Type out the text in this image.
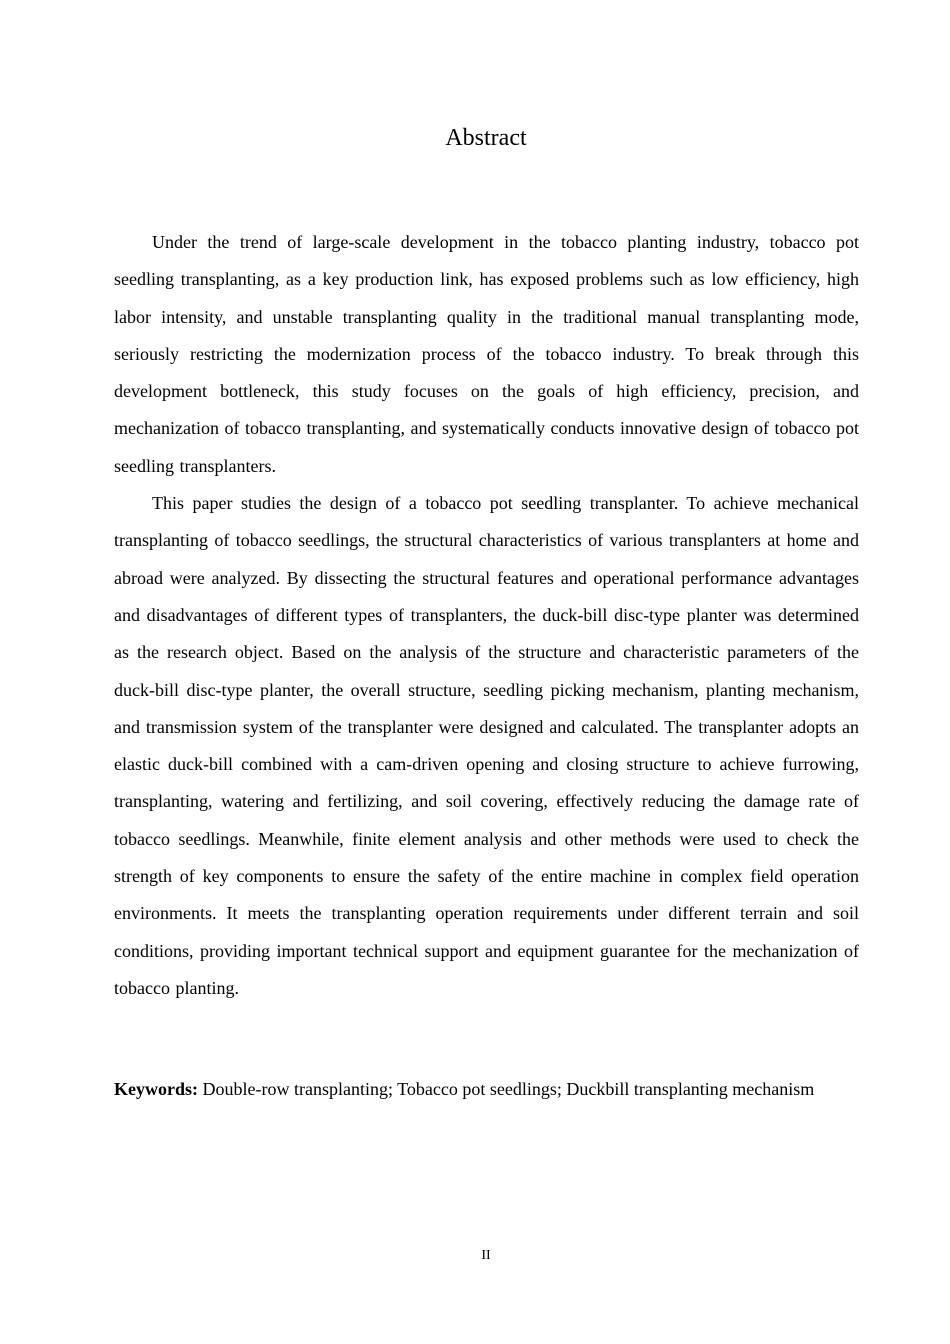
Abstract

Under the trend of large-scale development in the tobacco planting industry, tobacco pot seedling transplanting, as a key production link, has exposed problems such as low efficiency, high labor intensity, and unstable transplanting quality in the traditional manual transplanting mode, seriously restricting the modernization process of the tobacco industry. To break through this development bottleneck, this study focuses on the goals of high efficiency, precision, and mechanization of tobacco transplanting, and systematically conducts innovative design of tobacco pot seedling transplanters.

This paper studies the design of a tobacco pot seedling transplanter. To achieve mechanical transplanting of tobacco seedlings, the structural characteristics of various transplanters at home and abroad were analyzed. By dissecting the structural features and operational performance advantages and disadvantages of different types of transplanters, the duck-bill disc-type planter was determined as the research object. Based on the analysis of the structure and characteristic parameters of the duck-bill disc-type planter, the overall structure, seedling picking mechanism, planting mechanism, and transmission system of the transplanter were designed and calculated. The transplanter adopts an elastic duck-bill combined with a cam-driven opening and closing structure to achieve furrowing, transplanting, watering and fertilizing, and soil covering, effectively reducing the damage rate of tobacco seedlings. Meanwhile, finite element analysis and other methods were used to check the strength of key components to ensure the safety of the entire machine in complex field operation environments. It meets the transplanting operation requirements under different terrain and soil conditions, providing important technical support and equipment guarantee for the mechanization of tobacco planting.

Keywords: Double-row transplanting; Tobacco pot seedlings; Duckbill transplanting mechanism

II
